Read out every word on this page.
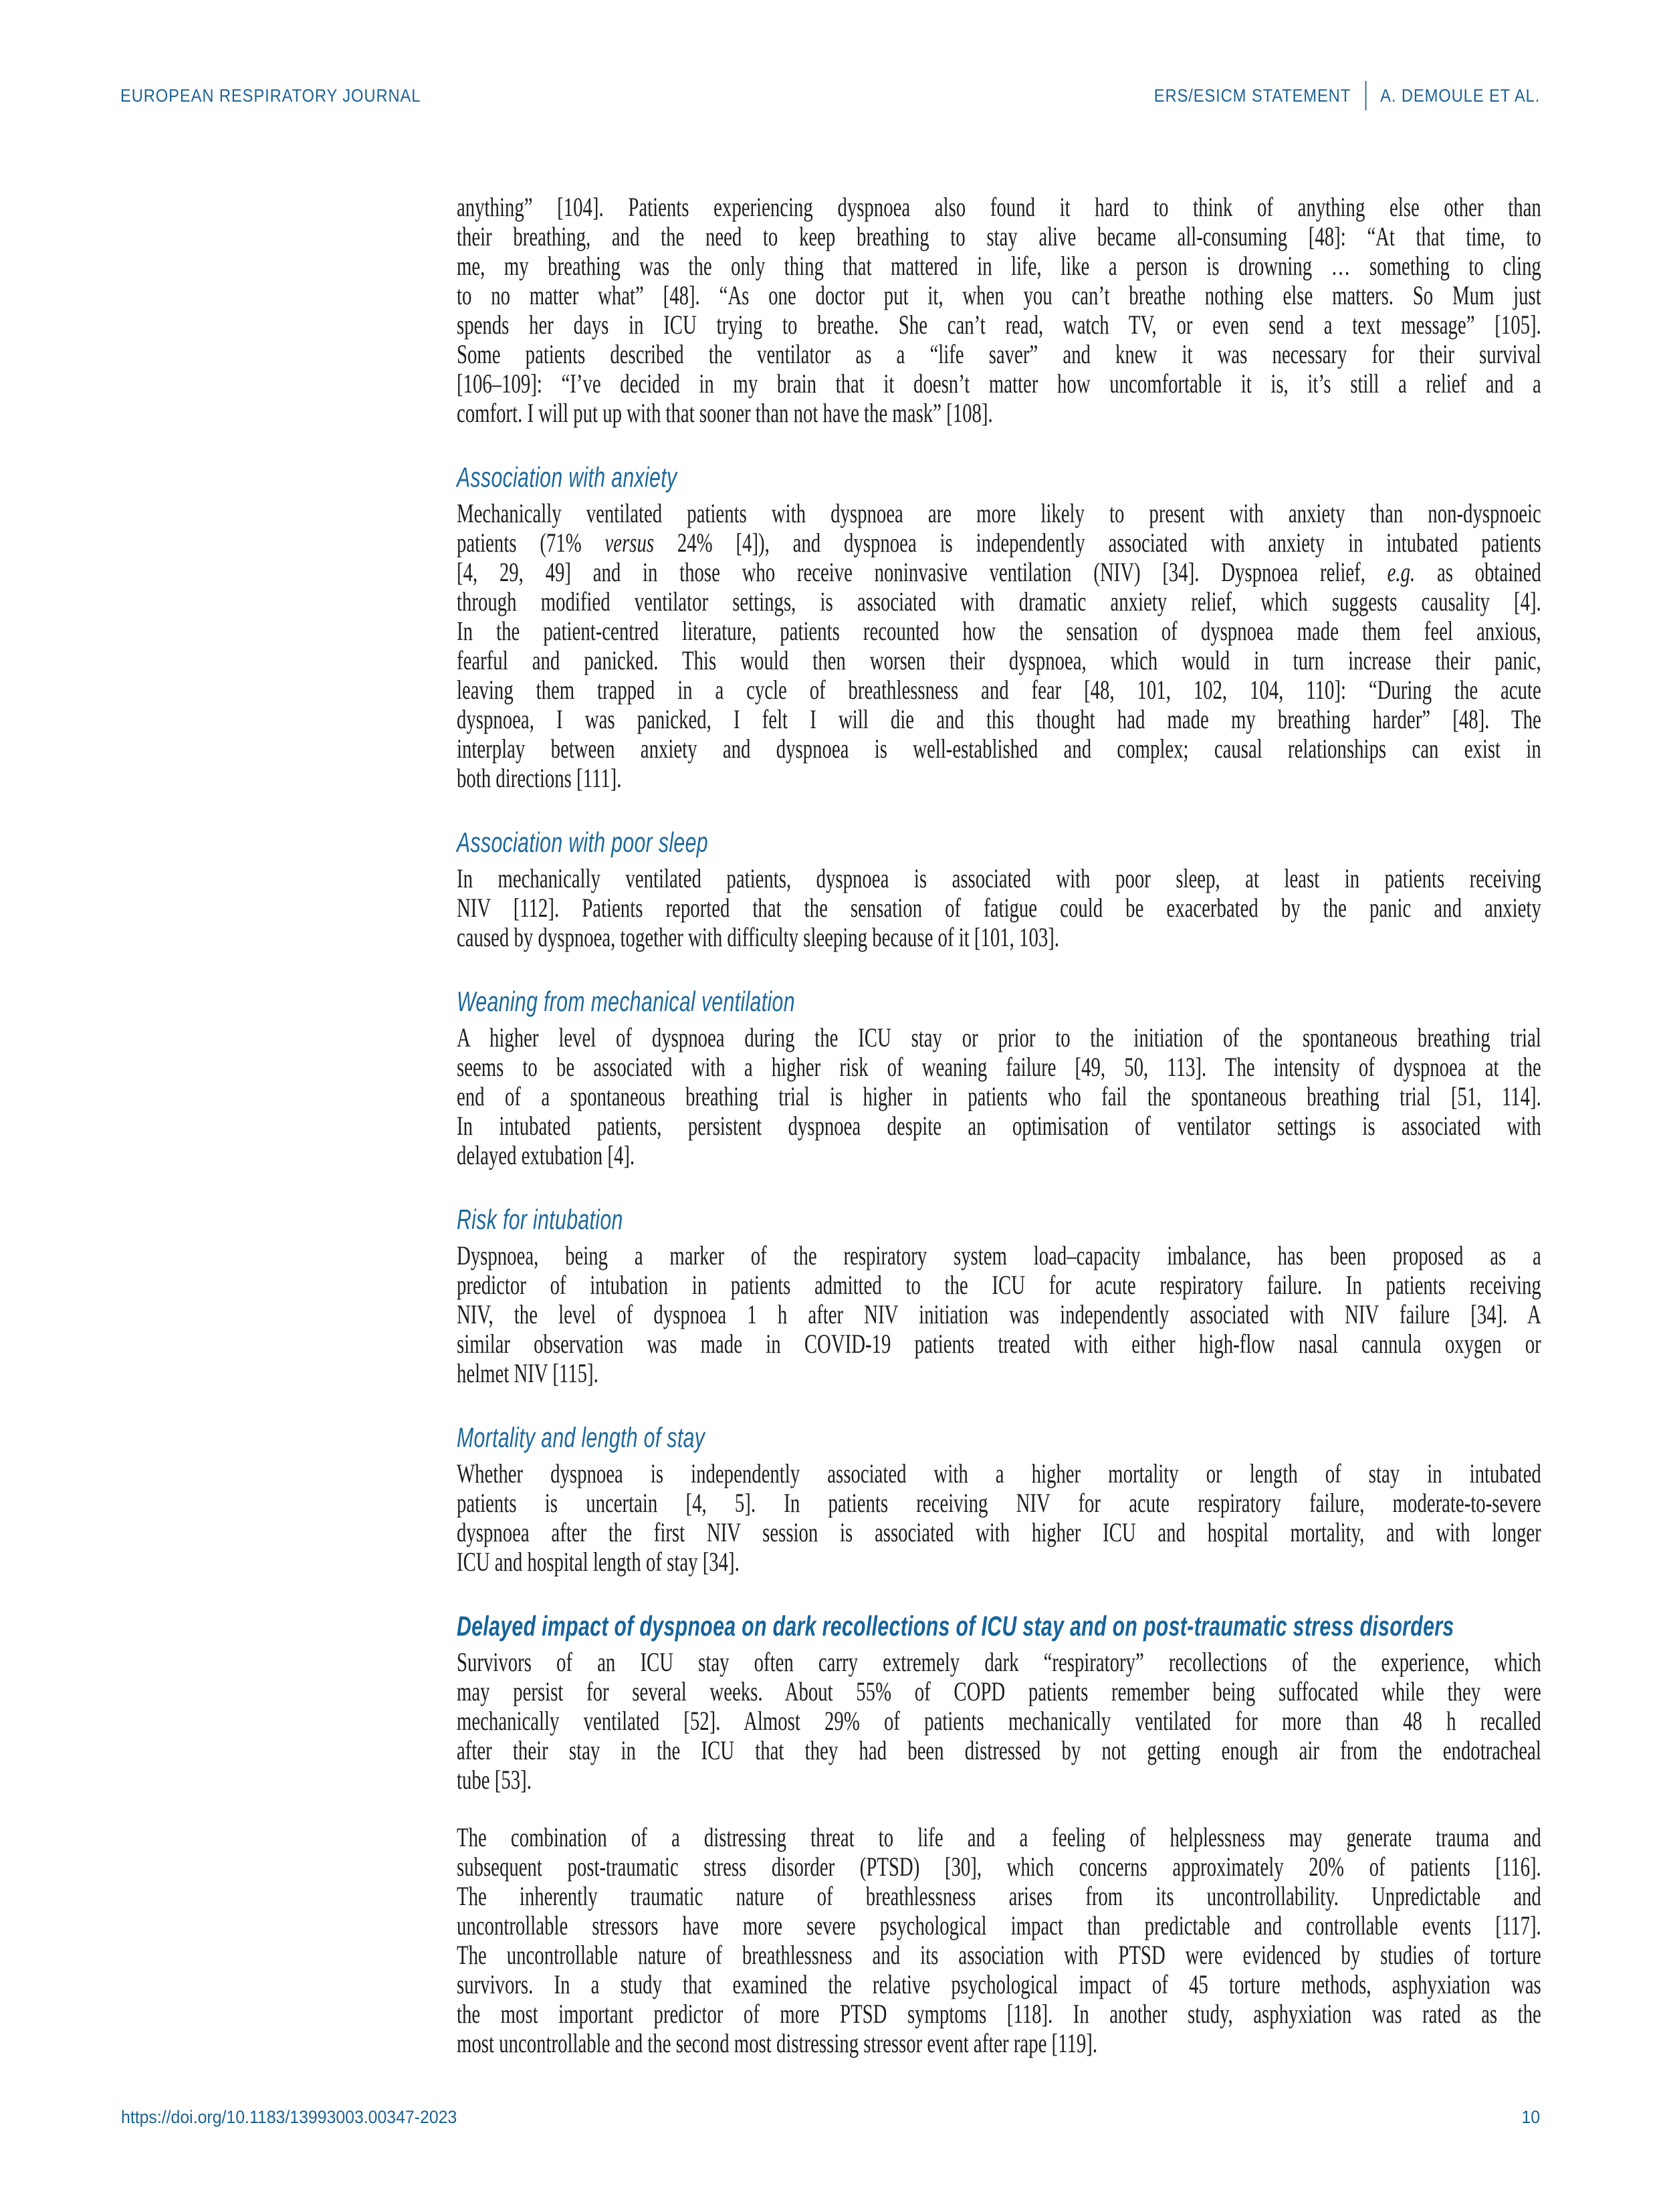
EUROPEAN RESPIRATORY JOURNAL	ERS/ESICM STATEMENT A. DEMOULE ET AL.
anything” [104]. Patients experiencing dyspnoea also found it hard to think of anything else other than
their breathing, and the need to keep breathing to stay alive became all-consuming [48]: “At that time, to
me, my breathing was the only thing that mattered in life, like a person is drowning … something to cling
to no matter what” [48]. “As one doctor put it, when you can’t breathe nothing else matters. So Mum just
spends her days in ICU trying to breathe. She can’t read, watch TV, or even send a text message” [105].
Some patients described the ventilator as a “life saver” and knew it was necessary for their survival
[106–109]: “I’ve decided in my brain that it doesn’t matter how uncomfortable it is, it’s still a relief and a
comfort. I will put up with that sooner than not have the mask” [108].
Association with anxiety
Mechanically ventilated patients with dyspnoea are more likely to present with anxiety than non-dyspnoeic
patients (71% versus 24% [4]), and dyspnoea is independently associated with anxiety in intubated patients
[4, 29, 49] and in those who receive noninvasive ventilation (NIV) [34]. Dyspnoea relief, e.g. as obtained
through modified ventilator settings, is associated with dramatic anxiety relief, which suggests causality [4].
In the patient-centred literature, patients recounted how the sensation of dyspnoea made them feel anxious,
fearful and panicked. This would then worsen their dyspnoea, which would in turn increase their panic,
leaving them trapped in a cycle of breathlessness and fear [48, 101, 102, 104, 110]: “During the acute
dyspnoea, I was panicked, I felt I will die and this thought had made my breathing harder” [48]. The
interplay between anxiety and dyspnoea is well-established and complex; causal relationships can exist in
both directions [111].
Association with poor sleep
In mechanically ventilated patients, dyspnoea is associated with poor sleep, at least in patients receiving
NIV [112]. Patients reported that the sensation of fatigue could be exacerbated by the panic and anxiety
caused by dyspnoea, together with difficulty sleeping because of it [101, 103].
Weaning from mechanical ventilation
A higher level of dyspnoea during the ICU stay or prior to the initiation of the spontaneous breathing trial
seems to be associated with a higher risk of weaning failure [49, 50, 113]. The intensity of dyspnoea at the
end of a spontaneous breathing trial is higher in patients who fail the spontaneous breathing trial [51, 114].
In intubated patients, persistent dyspnoea despite an optimisation of ventilator settings is associated with
delayed extubation [4].
Risk for intubation
Dyspnoea, being a marker of the respiratory system load–capacity imbalance, has been proposed as a
predictor of intubation in patients admitted to the ICU for acute respiratory failure. In patients receiving
NIV, the level of dyspnoea 1 h after NIV initiation was independently associated with NIV failure [34]. A
similar observation was made in COVID-19 patients treated with either high-flow nasal cannula oxygen or
helmet NIV [115].
Mortality and length of stay
Whether dyspnoea is independently associated with a higher mortality or length of stay in intubated
patients is uncertain [4, 5]. In patients receiving NIV for acute respiratory failure, moderate-to-severe
dyspnoea after the first NIV session is associated with higher ICU and hospital mortality, and with longer
ICU and hospital length of stay [34].
Delayed impact of dyspnoea on dark recollections of ICU stay and on post-traumatic stress disorders
Survivors of an ICU stay often carry extremely dark “respiratory” recollections of the experience, which
may persist for several weeks. About 55% of COPD patients remember being suffocated while they were
mechanically ventilated [52]. Almost 29% of patients mechanically ventilated for more than 48 h recalled
after their stay in the ICU that they had been distressed by not getting enough air from the endotracheal
tube [53].
The combination of a distressing threat to life and a feeling of helplessness may generate trauma and
subsequent post-traumatic stress disorder (PTSD) [30], which concerns approximately 20% of patients [116].
The inherently traumatic nature of breathlessness arises from its uncontrollability. Unpredictable and
uncontrollable stressors have more severe psychological impact than predictable and controllable events [117].
The uncontrollable nature of breathlessness and its association with PTSD were evidenced by studies of torture
survivors. In a study that examined the relative psychological impact of 45 torture methods, asphyxiation was
the most important predictor of more PTSD symptoms [118]. In another study, asphyxiation was rated as the
most uncontrollable and the second most distressing stressor event after rape [119].
https://doi.org/10.1183/13993003.00347-2023	10
